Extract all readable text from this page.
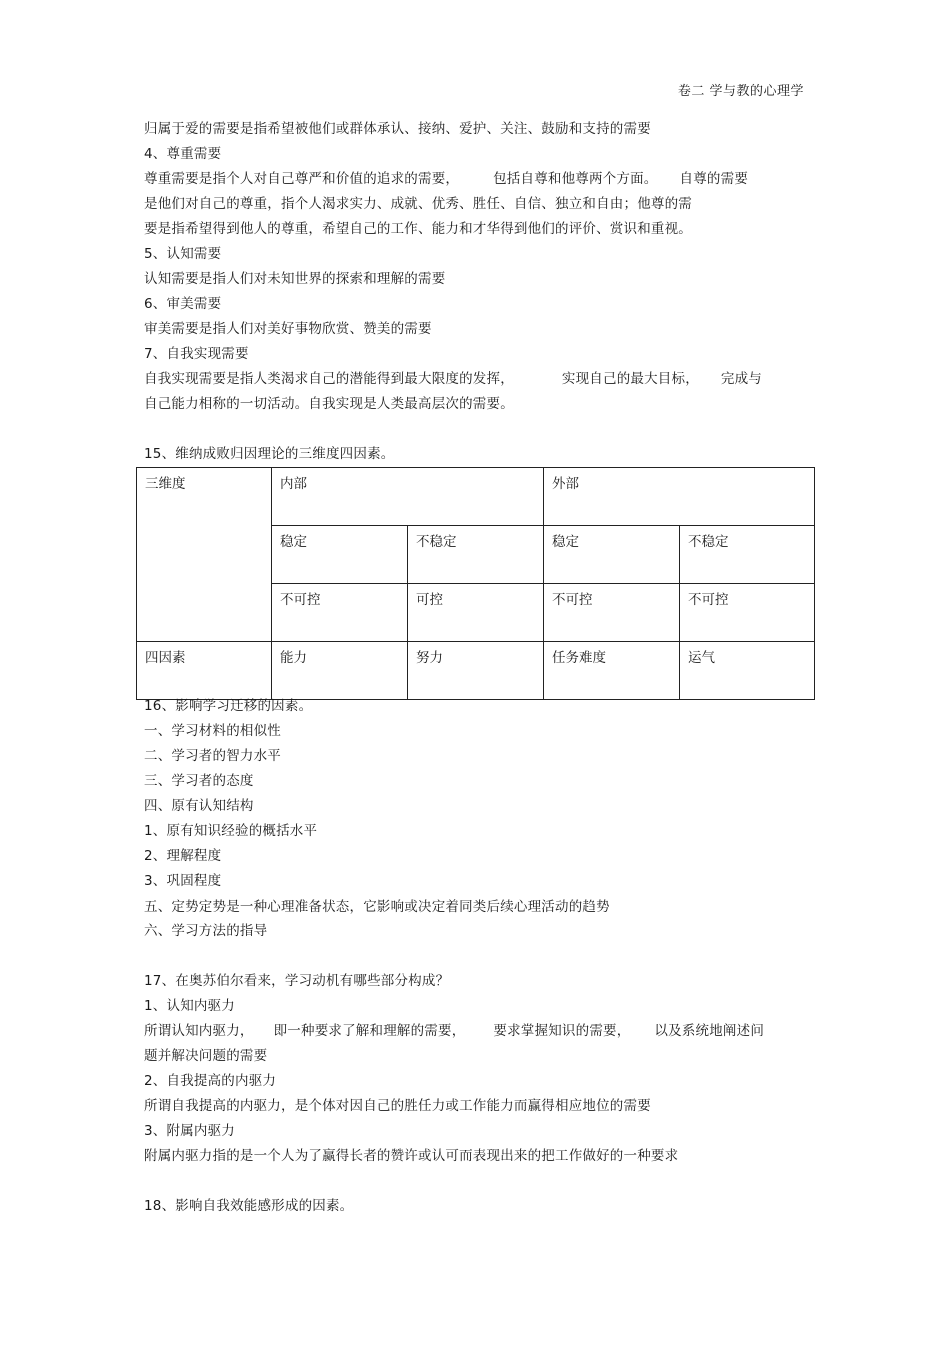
卷二 学与教的心理学
归属于爱的需要是指希望被他们或群体承认、接纳、爱护、关注、鼓励和支持的需要
4、尊重需要
尊重需要是指个人对自己尊严和价值的追求的需要，	包括自尊和他尊两个方面。 自尊的需要
是他们对自己的尊重，指个人渴求实力、成就、优秀、胜任、自信、独立和自由；他尊的需
要是指希望得到他人的尊重，希望自己的工作、能力和才华得到他们的评价、赏识和重视。
5、认知需要
认知需要是指人们对未知世界的探索和理解的需要
6、审美需要
审美需要是指人们对美好事物欣赏、赞美的需要
7、自我实现需要
自我实现需要是指人类渴求自己的潜能得到最大限度的发挥，	实现自己的最大目标， 完成与
自己能力相称的一切活动。自我实现是人类最高层次的需要。
15、维纳成败归因理论的三维度四因素。
三维度	内部		外部	
	稳定	不稳定	稳定	不稳定
	不可控	可控	不可控	不可控
四因素	能力	努力	任务难度	运气
16、影响学习迁移的因素。
一、学习材料的相似性
二、学习者的智力水平
三、学习者的态度
四、原有认知结构
1、原有知识经验的概括水平
2、理解程度
3、巩固程度
五、定势定势是一种心理准备状态，它影响或决定着同类后续心理活动的趋势
六、学习方法的指导
17、在奥苏伯尔看来，学习动机有哪些部分构成？
1、认知内驱力
所谓认知内驱力， 即一种要求了解和理解的需要， 要求掌握知识的需要， 以及系统地阐述问
题并解决问题的需要
2、自我提高的内驱力
所谓自我提高的内驱力，是个体对因自己的胜任力或工作能力而赢得相应地位的需要
3、附属内驱力
附属内驱力指的是一个人为了赢得长者的赞许或认可而表现出来的把工作做好的一种要求
18、影响自我效能感形成的因素。
